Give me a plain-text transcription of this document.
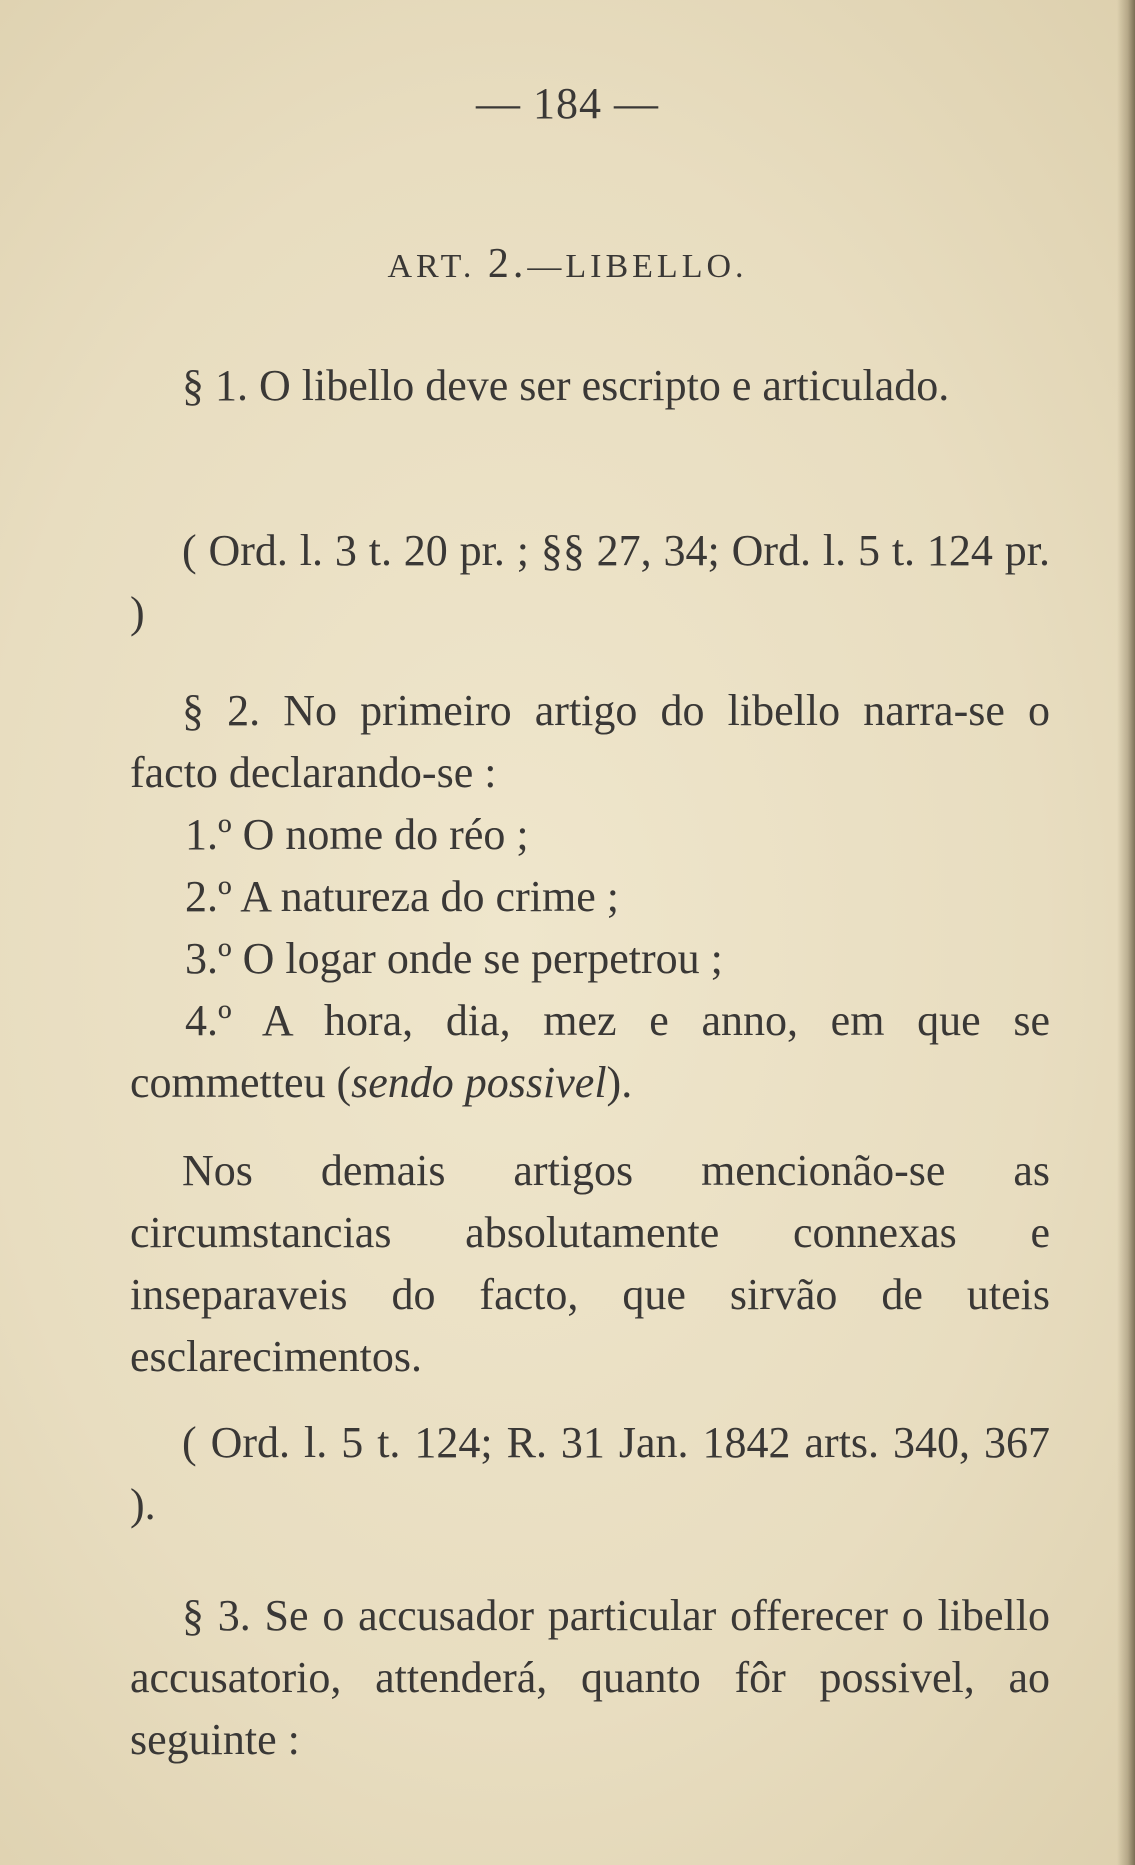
— 184 —
ART. 2.—LIBELLO.

§ 1. O libello deve ser escripto e articulado.

( Ord. l. 3 t. 20 pr. ; §§ 27, 34; Ord. l. 5 t. 124 pr. )

§ 2. No primeiro artigo do libello narra-se o facto declarando-se :

1.º O nome do réo ;

2.º A natureza do crime ;

3.º O logar onde se perpetrou ;

4.º A hora, dia, mez e anno, em que se commetteu (sendo possivel).

Nos demais artigos mencionão-se as circumstancias absolutamente connexas e inseparaveis do facto, que sirvão de uteis esclarecimentos.

( Ord. l. 5 t. 124; R. 31 Jan. 1842 arts. 340, 367 ).

§ 3. Se o accusador particular offerecer o libello accusatorio, attenderá, quanto fôr possivel, ao seguinte :
